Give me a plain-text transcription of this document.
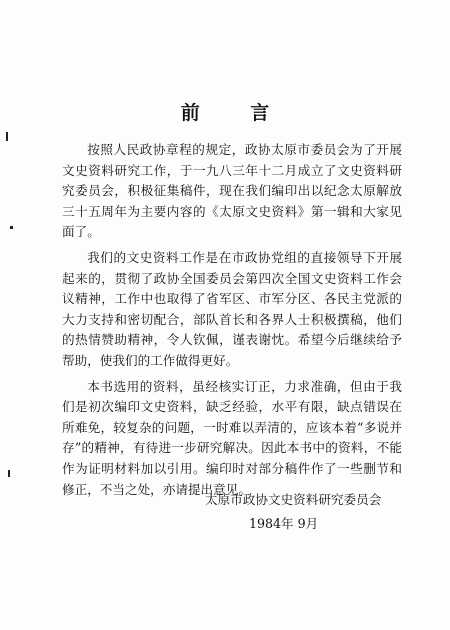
前 言

按照人民政协章程的规定，政协太原市委员会为了开展文史资料研究工作，于一九八三年十二月成立了文史资料研究委员会，积极征集稿件，现在我们编印出以纪念太原解放三十五周年为主要内容的《太原文史资料》第一辑和大家见面了。

我们的文史资料工作是在市政协党组的直接领导下开展起来的，贯彻了政协全国委员会第四次全国文史资料工作会议精神，工作中也取得了省军区、市军分区、各民主党派的大力支持和密切配合，部队首长和各界人士积极撰稿，他们的热情赞助精神，令人钦佩，谨表谢忱。希望今后继续给予帮助，使我们的工作做得更好。

本书选用的资料，虽经核实订正，力求准确，但由于我们是初次编印文史资料，缺乏经验，水平有限，缺点错误在所难免，较复杂的问题，一时难以弄清的，应该本着“多说并存”的精神，有待进一步研究解决。因此本书中的资料，不能作为证明材料加以引用。编印时对部分稿件作了一些删节和修正，不当之处，亦请提出意见。

太原市政协文史资料研究委员会
1984年 9月
